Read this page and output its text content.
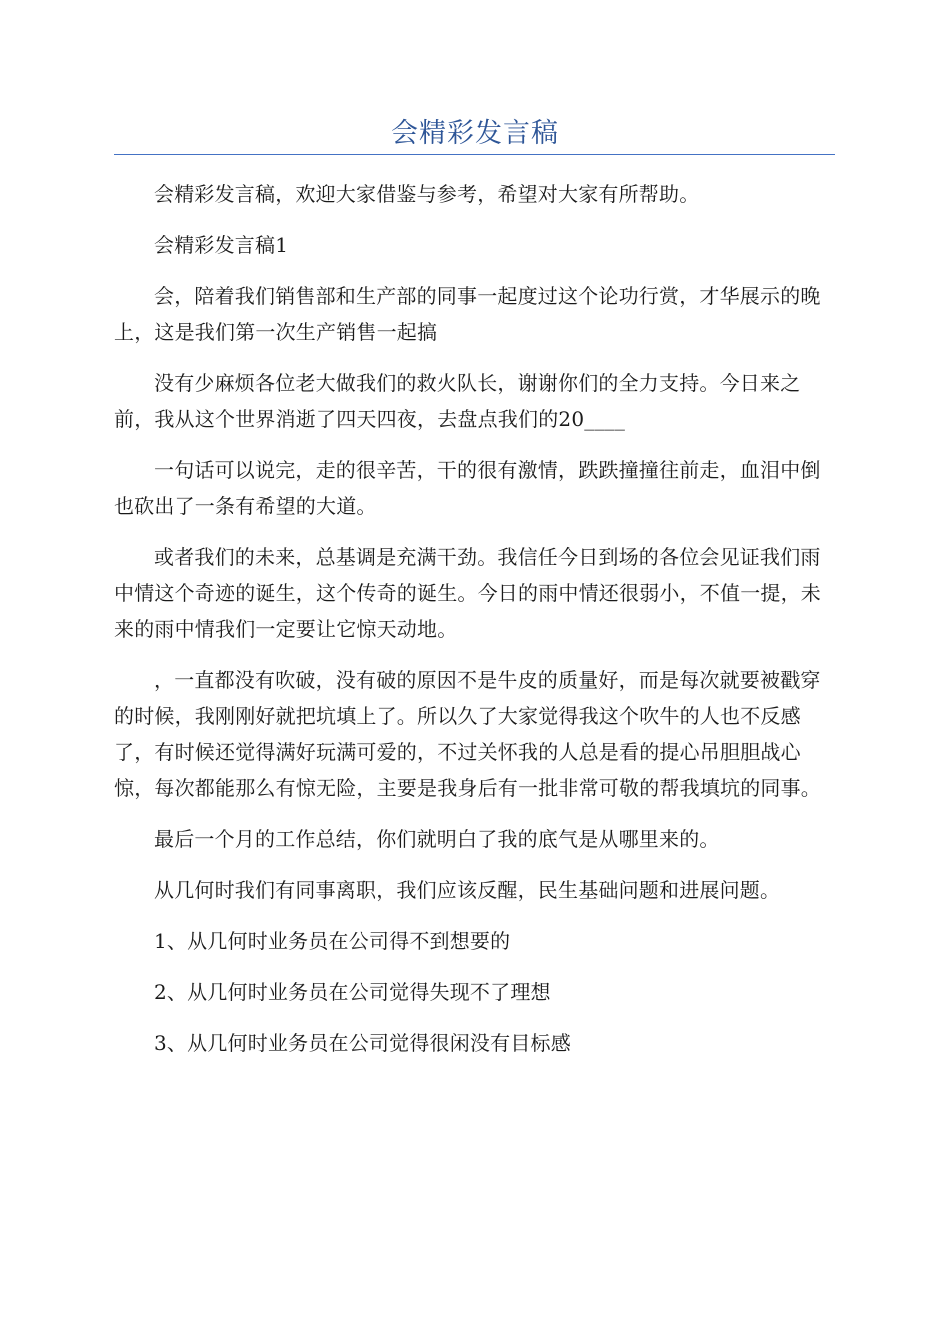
会精彩发言稿

会精彩发言稿，欢迎大家借鉴与参考，希望对大家有所帮助。

会精彩发言稿1

会，陪着我们销售部和生产部的同事一起度过这个论功行赏，才华展示的晚上，这是我们第一次生产销售一起搞

没有少麻烦各位老大做我们的救火队长，谢谢你们的全力支持。今日来之前，我从这个世界消逝了四天四夜，去盘点我们的20____

一句话可以说完，走的很辛苦，干的很有激情，跌跌撞撞往前走，血泪中倒也砍出了一条有希望的大道。

或者我们的未来，总基调是充满干劲。我信任今日到场的各位会见证我们雨中情这个奇迹的诞生，这个传奇的诞生。今日的雨中情还很弱小，不值一提，未来的雨中情我们一定要让它惊天动地。

，一直都没有吹破，没有破的原因不是牛皮的质量好，而是每次就要被戳穿的时候，我刚刚好就把坑填上了。所以久了大家觉得我这个吹牛的人也不反感了，有时候还觉得满好玩满可爱的，不过关怀我的人总是看的提心吊胆胆战心惊，每次都能那么有惊无险，主要是我身后有一批非常可敬的帮我填坑的同事。

最后一个月的工作总结，你们就明白了我的底气是从哪里来的。

从几何时我们有同事离职，我们应该反醒，民生基础问题和进展问题。

1、从几何时业务员在公司得不到想要的

2、从几何时业务员在公司觉得失现不了理想

3、从几何时业务员在公司觉得很闲没有目标感
